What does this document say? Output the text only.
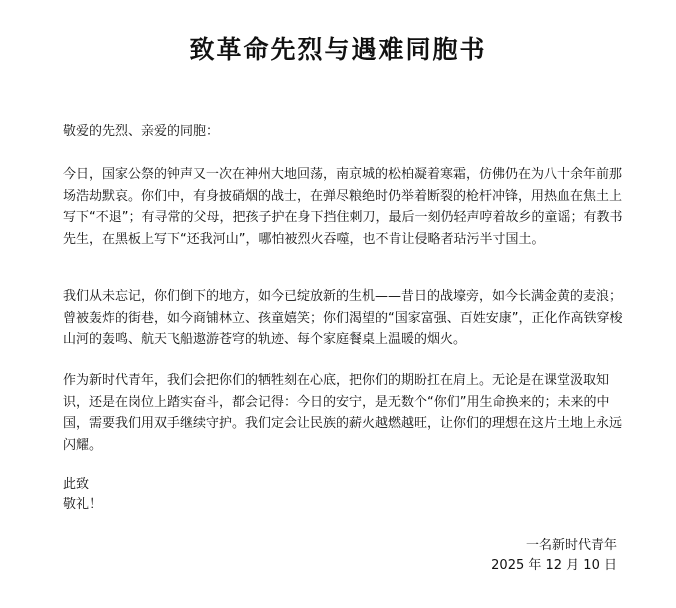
致革命先烈与遇难同胞书

敬爱的先烈、亲爱的同胞：

今日，国家公祭的钟声又一次在神州大地回荡，南京城的松柏凝着寒霜，仿佛仍在为八十余年前那场浩劫默哀。你们中，有身披硝烟的战士，在弹尽粮绝时仍举着断裂的枪杆冲锋，用热血在焦土上写下“不退”；有寻常的父母，把孩子护在身下挡住刺刀，最后一刻仍轻声哼着故乡的童谣；有教书先生，在黑板上写下“还我河山”，哪怕被烈火吞噬，也不肯让侵略者玷污半寸国土。

我们从未忘记，你们倒下的地方，如今已绽放新的生机——昔日的战壕旁，如今长满金黄的麦浪；曾被轰炸的街巷，如今商铺林立、孩童嬉笑；你们渴望的“国家富强、百姓安康”，正化作高铁穿梭山河的轰鸣、航天飞船遨游苍穹的轨迹、每个家庭餐桌上温暖的烟火。

作为新时代青年，我们会把你们的牺牲刻在心底，把你们的期盼扛在肩上。无论是在课堂汲取知识，还是在岗位上踏实奋斗，都会记得：今日的安宁，是无数个“你们”用生命换来的；未来的中国，需要我们用双手继续守护。我们定会让民族的薪火越燃越旺，让你们的理想在这片土地上永远闪耀。

此致

敬礼！

一名新时代青年

2025 年 12 月 10 日
